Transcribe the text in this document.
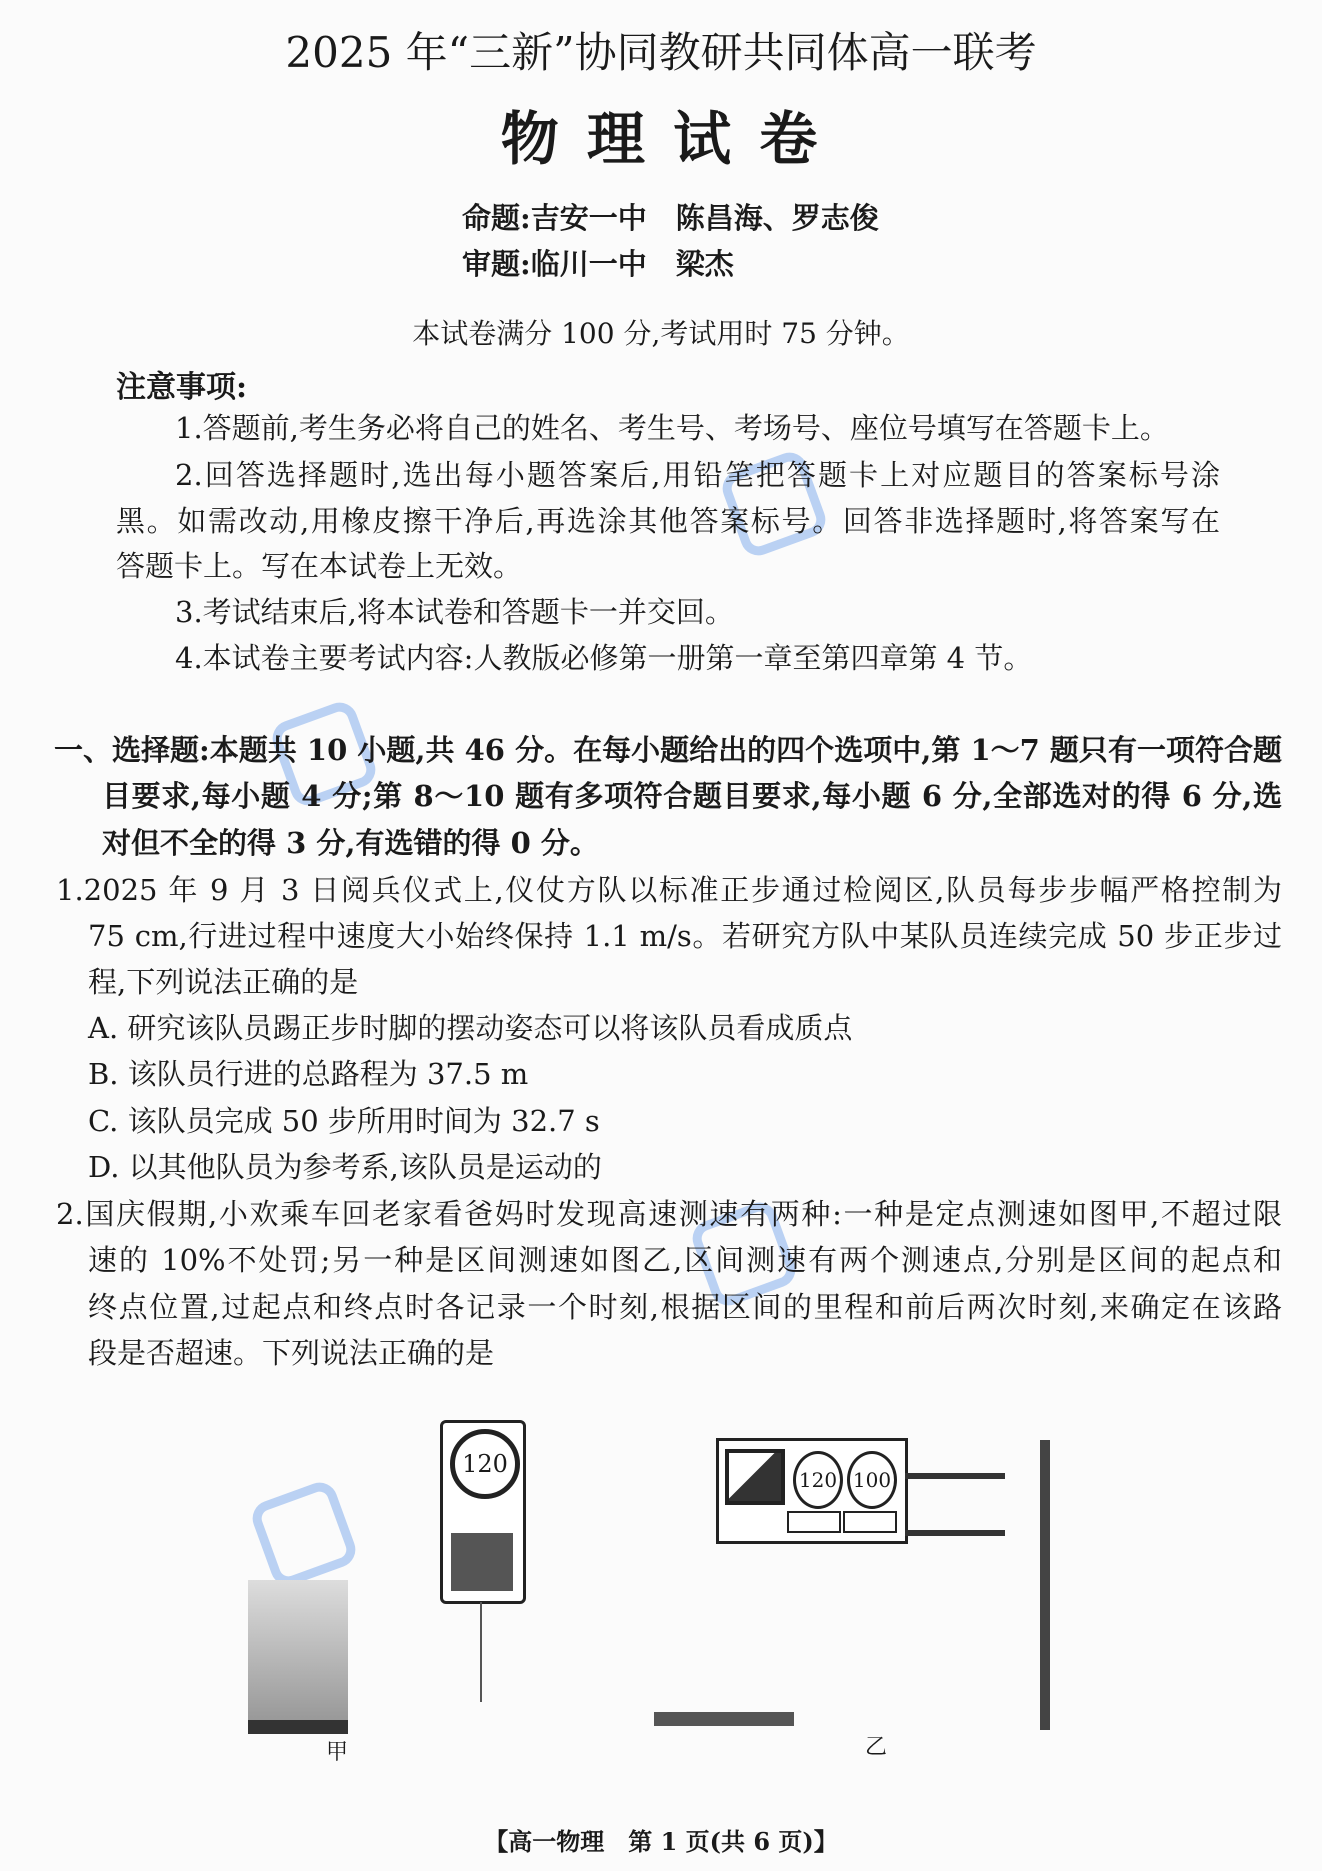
2025 年“三新”协同教研共同体高一联考
物 理 试 卷
命题:吉安一中　陈昌海、罗志俊
审题:临川一中　梁杰
本试卷满分 100 分,考试用时 75 分钟。
注意事项:
1.答题前,考生务必将自己的姓名、考生号、考场号、座位号填写在答题卡上。
2.回答选择题时,选出每小题答案后,用铅笔把答题卡上对应题目的答案标号涂
黑。如需改动,用橡皮擦干净后,再选涂其他答案标号。回答非选择题时,将答案写在
答题卡上。写在本试卷上无效。
3.考试结束后,将本试卷和答题卡一并交回。
4.本试卷主要考试内容:人教版必修第一册第一章至第四章第 4 节。
一、选择题:本题共 10 小题,共 46 分。在每小题给出的四个选项中,第 1～7 题只有一项符合题
目要求,每小题 4 分;第 8～10 题有多项符合题目要求,每小题 6 分,全部选对的得 6 分,选
对但不全的得 3 分,有选错的得 0 分。
1.2025 年 9 月 3 日阅兵仪式上,仪仗方队以标准正步通过检阅区,队员每步步幅严格控制为
75 cm,行进过程中速度大小始终保持 1.1 m/s。若研究方队中某队员连续完成 50 步正步过
程,下列说法正确的是
A. 研究该队员踢正步时脚的摆动姿态可以将该队员看成质点
B. 该队员行进的总路程为 37.5 m
C. 该队员完成 50 步所用时间为 32.7 s
D. 以其他队员为参考系,该队员是运动的
2.国庆假期,小欢乘车回老家看爸妈时发现高速测速有两种:一种是定点测速如图甲,不超过限
速的 10%不处罚;另一种是区间测速如图乙,区间测速有两个测速点,分别是区间的起点和
终点位置,过起点和终点时各记录一个时刻,根据区间的里程和前后两次时刻,来确定在该路
段是否超速。下列说法正确的是
120
甲
120 100
乙
【高一物理　第 1 页(共 6 页)】
